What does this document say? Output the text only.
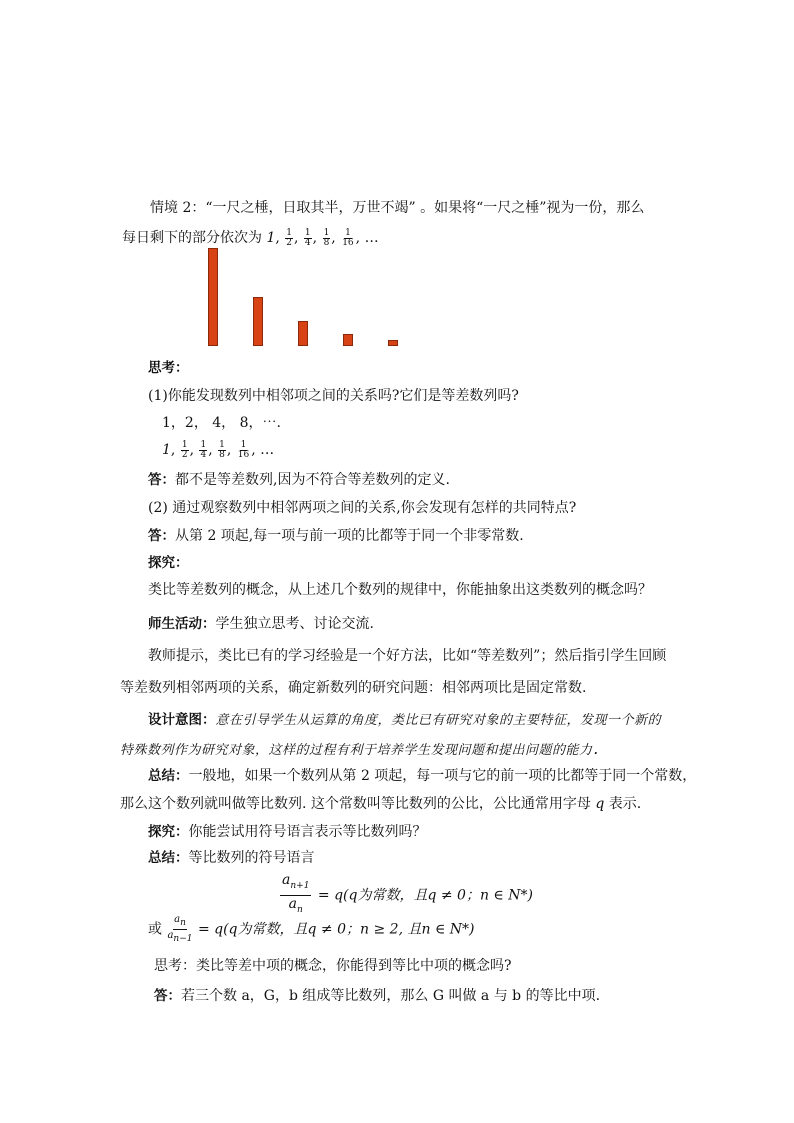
情境 2：“一尺之棰，日取其半，万世不竭” 。如果将“一尺之棰”视为一份，那么
每日剩下的部分依次为 1, $\frac{1}{2}$ , $\frac{1}{4}$ , $\frac{1}{8}$ , $\frac{1}{16}$ , …
思考：
(1)你能发现数列中相邻项之间的关系吗?它们是等差数列吗?
1，2， 4， 8，⋯.
1, $\frac{1}{2}$ , $\frac{1}{4}$ , $\frac{1}{8}$ , $\frac{1}{16}$ , …
答：都不是等差数列,因为不符合等差数列的定义.
(2) 通过观察数列中相邻两项之间的关系,你会发现有怎样的共同特点?
答：从第 2 项起,每一项与前一项的比都等于同一个非零常数.
探究：
类比等差数列的概念，从上述几个数列的规律中，你能抽象出这类数列的概念吗？
师生活动：学生独立思考、讨论交流.
教师提示，类比已有的学习经验是一个好方法，比如“等差数列”；然后指引学生回顾
等差数列相邻两项的关系，确定新数列的研究问题：相邻两项比是固定常数.
设计意图：意在引导学生从运算的角度，类比已有研究对象的主要特征，发现一个新的
特殊数列作为研究对象，这样的过程有利于培养学生发现问题和提出问题的能力.
总结：一般地，如果一个数列从第 2 项起，每一项与它的前一项的比都等于同一个常数，
那么这个数列就叫做等比数列. 这个常数叫等比数列的公比，公比通常用字母 q 表示.
探究：你能尝试用符号语言表示等比数列吗？
总结：等比数列的符号语言
$\frac{a_{n+1}}{a_n} = q(q$为常数，且q ≠ 0；n ∈ N*)
或 $\frac{a_n}{a_{n-1}} = q(q$为常数，且q ≠ 0；n ≥ 2, 且n ∈ N*)
思考：类比等差中项的概念，你能得到等比中项的概念吗?
答：若三个数 a，G，b 组成等比数列，那么 G 叫做 a 与 b 的等比中项.
